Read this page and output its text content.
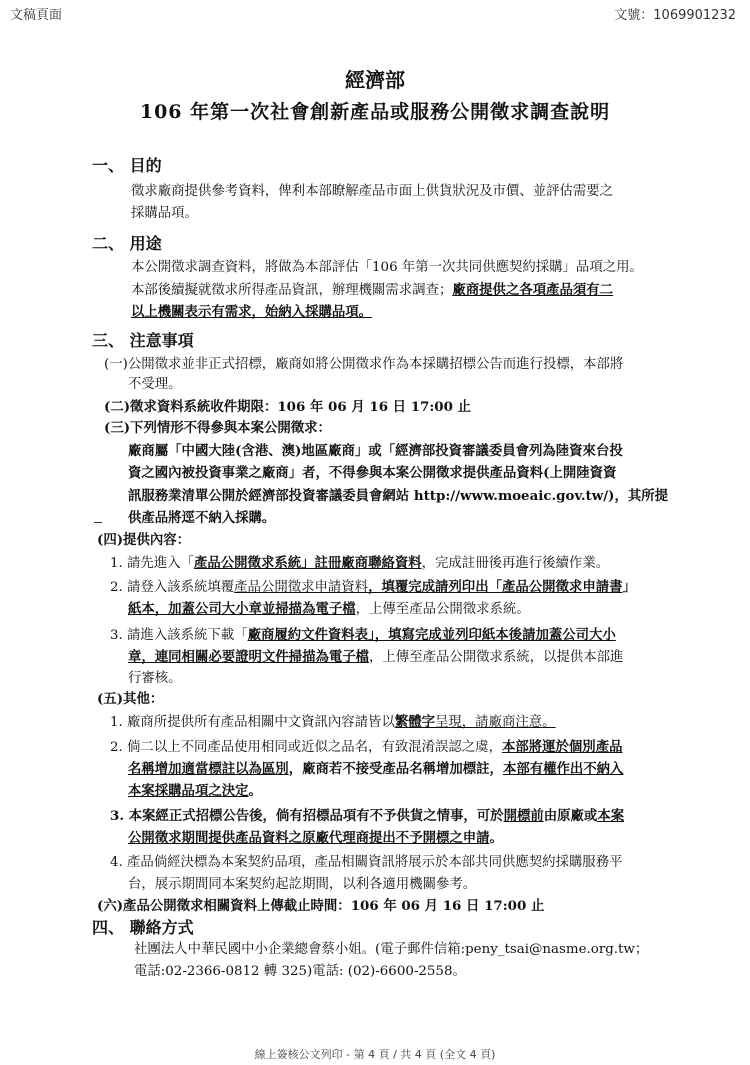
文稿頁面	文號：1069901232
經濟部
106 年第一次社會創新產品或服務公開徵求調查說明
一、 目的
徵求廠商提供參考資料，俾利本部瞭解產品市面上供貨狀況及市價、並評估需要之
採購品項。
二、 用途
本公開徵求調查資料，將做為本部評估「106 年第一次共同供應契約採購」品項之用。
本部後續擬就徵求所得產品資訊，辦理機關需求調查；廠商提供之各項產品須有二
以上機關表示有需求，始納入採購品項。
三、 注意事項
(一)公開徵求並非正式招標，廠商如將公開徵求作為本採購招標公告而進行投標，本部將
不受理。
(二)徵求資料系統收件期限：106 年 06 月 16 日 17:00 止
(三)下列情形不得參與本案公開徵求：
廠商屬「中國大陸(含港、澳)地區廠商」或「經濟部投資審議委員會列為陸資來台投
資之國內被投資事業之廠商」者，不得參與本案公開徵求提供產品資料(上開陸資資
訊服務業清單公開於經濟部投資審議委員會網站 http://www.moeaic.gov.tw/)，其所提
供產品將逕不納入採購。
(四)提供內容：
1. 請先進入「產品公開徵求系統」註冊廠商聯絡資料，完成註冊後再進行後續作業。
2. 請登入該系統填覆產品公開徵求申請資料，填覆完成請列印出「產品公開徵求申請書」
紙本，加蓋公司大小章並掃描為電子檔，上傳至產品公開徵求系統。
3. 請進入該系統下載「廠商履約文件資料表」，填寫完成並列印紙本後請加蓋公司大小
章，連同相關必要證明文件掃描為電子檔，上傳至產品公開徵求系統，以提供本部進
行審核。
(五)其他：
1. 廠商所提供所有產品相關中文資訊內容請皆以繁體字呈現，請廠商注意。
2. 倘二以上不同產品使用相同或近似之品名，有致混淆誤認之虞，本部將運於個別產品
名稱增加適當標註以為區別，廠商若不接受產品名稱增加標註，本部有權作出不納入
本案採購品項之決定。
3. 本案經正式招標公告後，倘有招標品項有不予供貨之情事，可於開標前由原廠或本案
公開徵求期間提供產品資料之原廠代理商提出不予開標之申請。
4. 產品倘經決標為本案契約品項，產品相關資訊將展示於本部共同供應契約採購服務平
台，展示期間同本案契約起訖期間，以利各適用機關參考。
(六)產品公開徵求相關資料上傳截止時間：106 年 06 月 16 日 17:00 止
四、 聯絡方式
社團法人中華民國中小企業總會蔡小姐。(電子郵件信箱:peny_tsai@nasme.org.tw；
電話:02-2366-0812 轉 325)電話: (02)-6600-2558。
線上簽核公文列印 - 第 4 頁 / 共 4 頁 (全文 4 頁)
